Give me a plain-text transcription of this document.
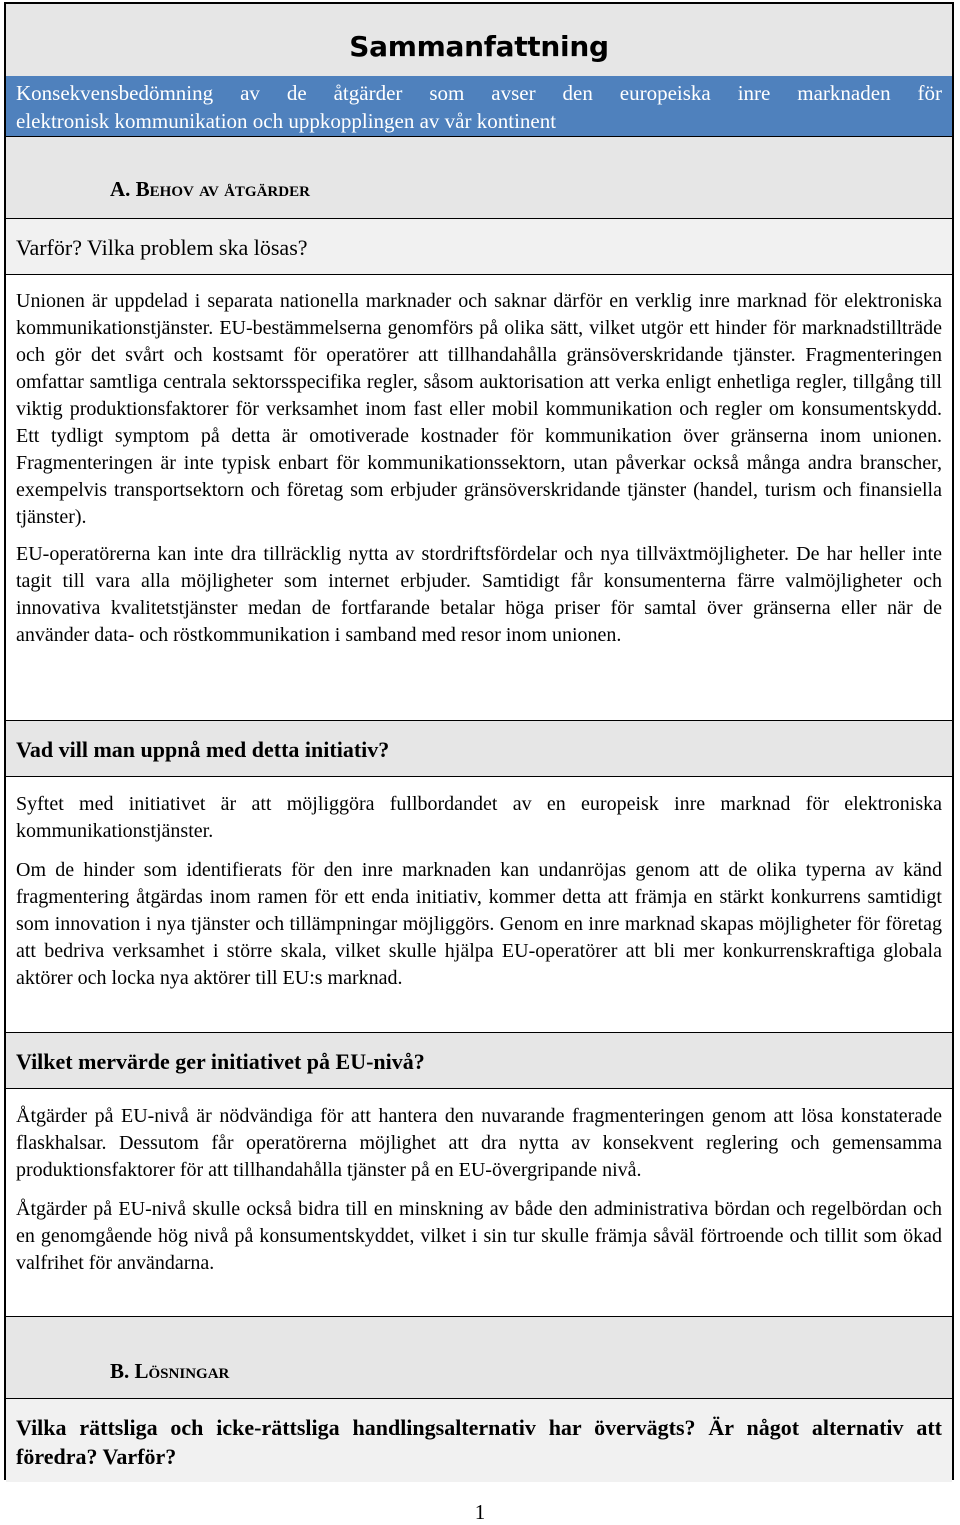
Sammanfattning

Konsekvensbedömning av de åtgärder som avser den europeiska inre marknaden för

elektronisk kommunikation och uppkopplingen av vår kontinent

A. Behov av åtgärder

Varför? Vilka problem ska lösas?

Unionen är uppdelad i separata nationella marknader och saknar därför en verklig inre marknad för elektroniska kommunikationstjänster. EU-bestämmelserna genomförs på olika sätt, vilket utgör ett hinder för marknadstillträde och gör det svårt och kostsamt för operatörer att tillhandahålla gränsöverskridande tjänster. Fragmenteringen omfattar samtliga centrala sektorsspecifika regler, såsom auktorisation att verka enligt enhetliga regler, tillgång till viktig produktionsfaktorer för verksamhet inom fast eller mobil kommunikation och regler om konsumentskydd. Ett tydligt symptom på detta är omotiverade kostnader för kommunikation över gränserna inom unionen. Fragmenteringen är inte typisk enbart för kommunikationssektorn, utan påverkar också många andra branscher, exempelvis transportsektorn och företag som erbjuder gränsöverskridande tjänster (handel, turism och finansiella tjänster).

EU-operatörerna kan inte dra tillräcklig nytta av stordriftsfördelar och nya tillväxtmöjligheter. De har heller inte tagit till vara alla möjligheter som internet erbjuder. Samtidigt får konsumenterna färre valmöjligheter och innovativa kvalitetstjänster medan de fortfarande betalar höga priser för samtal över gränserna eller när de använder data- och röstkommunikation i samband med resor inom unionen.

Vad vill man uppnå med detta initiativ?

Syftet med initiativet är att möjliggöra fullbordandet av en europeisk inre marknad för elektroniska kommunikationstjänster.

Om de hinder som identifierats för den inre marknaden kan undanröjas genom att de olika typerna av känd fragmentering åtgärdas inom ramen för ett enda initiativ, kommer detta att främja en stärkt konkurrens samtidigt som innovation i nya tjänster och tillämpningar möjliggörs. Genom en inre marknad skapas möjligheter för företag att bedriva verksamhet i större skala, vilket skulle hjälpa EU-operatörer att bli mer konkurrenskraftiga globala aktörer och locka nya aktörer till EU:s marknad.

Vilket mervärde ger initiativet på EU-nivå?

Åtgärder på EU-nivå är nödvändiga för att hantera den nuvarande fragmenteringen genom att lösa konstaterade flaskhalsar. Dessutom får operatörerna möjlighet att dra nytta av konsekvent reglering och gemensamma produktionsfaktorer för att tillhandahålla tjänster på en EU-övergripande nivå.

Åtgärder på EU-nivå skulle också bidra till en minskning av både den administrativa bördan och regelbördan och en genomgående hög nivå på konsumentskyddet, vilket i sin tur skulle främja såväl förtroende och tillit som ökad valfrihet för användarna.

B. Lösningar

Vilka rättsliga och icke-rättsliga handlingsalternativ har övervägts? Är något alternativ att föredra? Varför?

1
